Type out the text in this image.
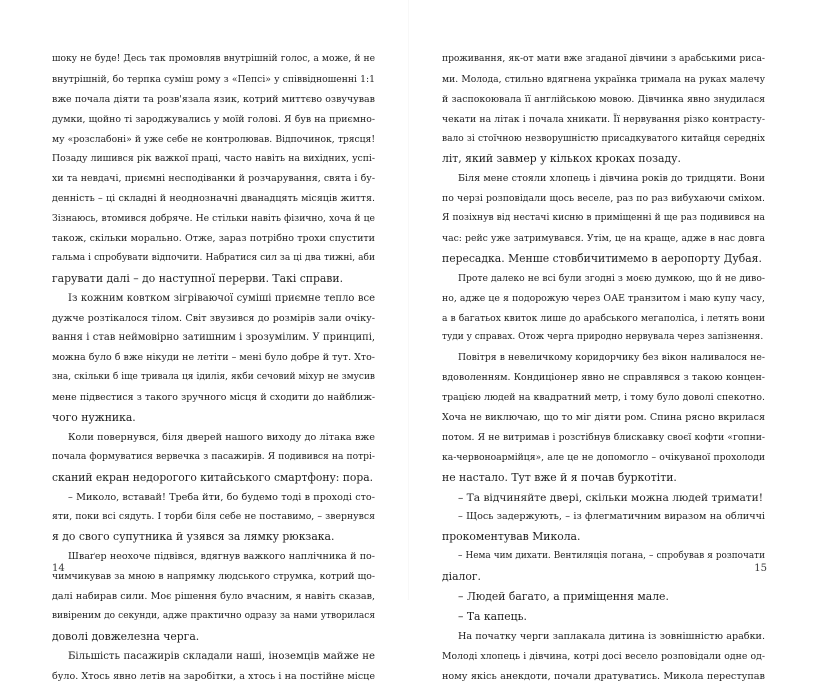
шоку не буде! Десь так промовляв внутрішній голос, а може, й не
внутрішній, бо терпка суміш рому з «Пепсі» у співвідношенні 1:1
вже почала діяти та розв'язала язик, котрий миттєво озвучував
думки, щойно ті зароджувались у моїй голові. Я був на приємно-
му «розслабоні» й уже себе не контролював. Відпочинок, трясця!
Позаду лишився рік важкої праці, часто навіть на вихідних, успі-
хи та невдачі, приємні несподіванки й розчарування, свята і бу-
денність – ці складні й неоднозначні дванадцять місяців життя.
Зізнаюсь, втомився добряче. Не стільки навіть фізично, хоча й це
також, скільки морально. Отже, зараз потрібно трохи спустити
гальма і спробувати відпочити. Набратися сил за ці два тижні, аби
гарувати далі – до наступної перерви. Такі справи.
Із кожним ковтком зігріваючої суміші приємне тепло все
дужче розтікалося тілом. Світ звузився до розмірів зали очіку-
вання і став неймовірно затишним і зрозумілим. У принципі,
можна було б вже нікуди не летіти – мені було добре й тут. Хто-
зна, скільки б іще тривала ця ідилія, якби сечовий міхур не змусив
мене підвестися з такого зручного місця й сходити до найближ-
чого нужника.
Коли повернувся, біля дверей нашого виходу до літака вже
почала формуватися вервечка з пасажирів. Я подивився на потрі-
сканий екран недорогого китайського смартфону: пора.
– Миколо, вставай! Треба йти, бо будемо тоді в проході сто-
яти, поки всі сядуть. І торби біля себе не поставимо, – звернувся
я до свого супутника й узявся за лямку рюкзака.
Шваґер неохоче підвівся, вдягнув важкого наплічника й по-
чимчикував за мною в напрямку людського струмка, котрий що-
далі набирав сили. Моє рішення було вчасним, я навіть сказав,
вивіреним до секунди, адже практично одразу за нами утворилася
доволі довжелезна черга.
Більшість пасажирів складали наші, іноземців майже не
було. Хтось явно летів на заробітки, а хтось і на постійне місце
проживання, як-от мати вже згаданої дівчини з арабськими риса-
ми. Молода, стильно вдягнена українка тримала на руках малечу
й заспокоювала її англійською мовою. Дівчинка явно знудилася
чекати на літак і почала хникати. Її нервування різко контрасту-
вало зі стоїчною незворушністю присадкуватого китайця середніх
літ, який завмер у кількох кроках позаду.
Біля мене стояли хлопець і дівчина років до тридцяти. Вони
по черзі розповідали щось веселе, раз по раз вибухаючи сміхом.
Я позіхнув від нестачі кисню в приміщенні й ще раз подивився на
час: рейс уже затримувався. Утім, це на краще, адже в нас довга
пересадка. Менше стовбичитимемо в аеропорту Дубая.
Проте далеко не всі були згодні з моєю думкою, що й не диво-
но, адже це я подорожую через ОАЕ транзитом і маю купу часу,
а в багатьох квиток лише до арабського мегаполіса, і летять вони
туди у справах. Отож черга природно нервувала через запізнення.
Повітря в невеличкому коридорчику без вікон наливалося не-
вдоволенням. Кондиціонер явно не справлявся з такою концен-
трацією людей на квадратний метр, і тому було доволі спекотно.
Хоча не виключаю, що то міг діяти ром. Спина рясно вкрилася
потом. Я не витримав і розстібнув блискавку своєї кофти «гопни-
ка-червоноармійця», але це не допомогло – очікуваної прохолоди
не настало. Тут вже й я почав буркотіти.
– Та відчиняйте двері, скільки можна людей тримати!
– Щось задержують, – із флегматичним виразом на обличчі
прокоментував Микола.
– Нема чим дихати. Вентиляція погана, – спробував я розпочати
діалог.
– Людей багато, а приміщення мале.
– Та капець.
На початку черги заплакала дитина із зовнішністю арабки.
Молоді хлопець і дівчина, котрі досі весело розповідали одне од-
ному якісь анекдоти, почали дратуватись. Микола переступав
14	15
